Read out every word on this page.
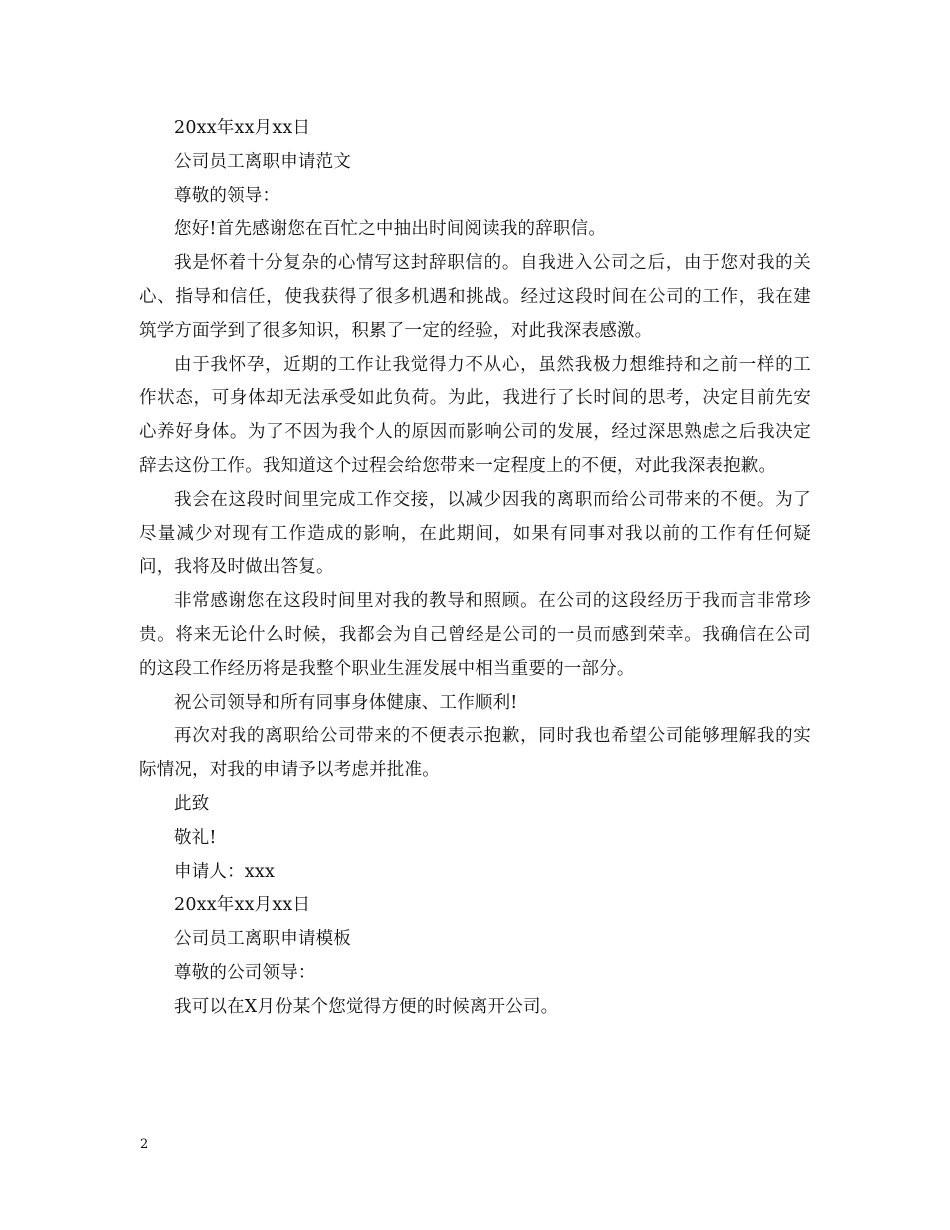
20xx年xx月xx日

公司员工离职申请范文

尊敬的领导：

您好!首先感谢您在百忙之中抽出时间阅读我的辞职信。

我是怀着十分复杂的心情写这封辞职信的。自我进入公司之后，由于您对我的关心、指导和信任，使我获得了很多机遇和挑战。经过这段时间在公司的工作，我在建筑学方面学到了很多知识，积累了一定的经验，对此我深表感激。

由于我怀孕，近期的工作让我觉得力不从心，虽然我极力想维持和之前一样的工作状态，可身体却无法承受如此负荷。为此，我进行了长时间的思考，决定目前先安心养好身体。为了不因为我个人的原因而影响公司的发展，经过深思熟虑之后我决定辞去这份工作。我知道这个过程会给您带来一定程度上的不便，对此我深表抱歉。

我会在这段时间里完成工作交接，以减少因我的离职而给公司带来的不便。为了尽量减少对现有工作造成的影响，在此期间，如果有同事对我以前的工作有任何疑问，我将及时做出答复。

非常感谢您在这段时间里对我的教导和照顾。在公司的这段经历于我而言非常珍贵。将来无论什么时候，我都会为自己曾经是公司的一员而感到荣幸。我确信在公司的这段工作经历将是我整个职业生涯发展中相当重要的一部分。

祝公司领导和所有同事身体健康、工作顺利!

再次对我的离职给公司带来的不便表示抱歉，同时我也希望公司能够理解我的实际情况，对我的申请予以考虑并批准。

此致

敬礼!

申请人：xxx

20xx年xx月xx日

公司员工离职申请模板

尊敬的公司领导：

我可以在X月份某个您觉得方便的时候离开公司。

2
